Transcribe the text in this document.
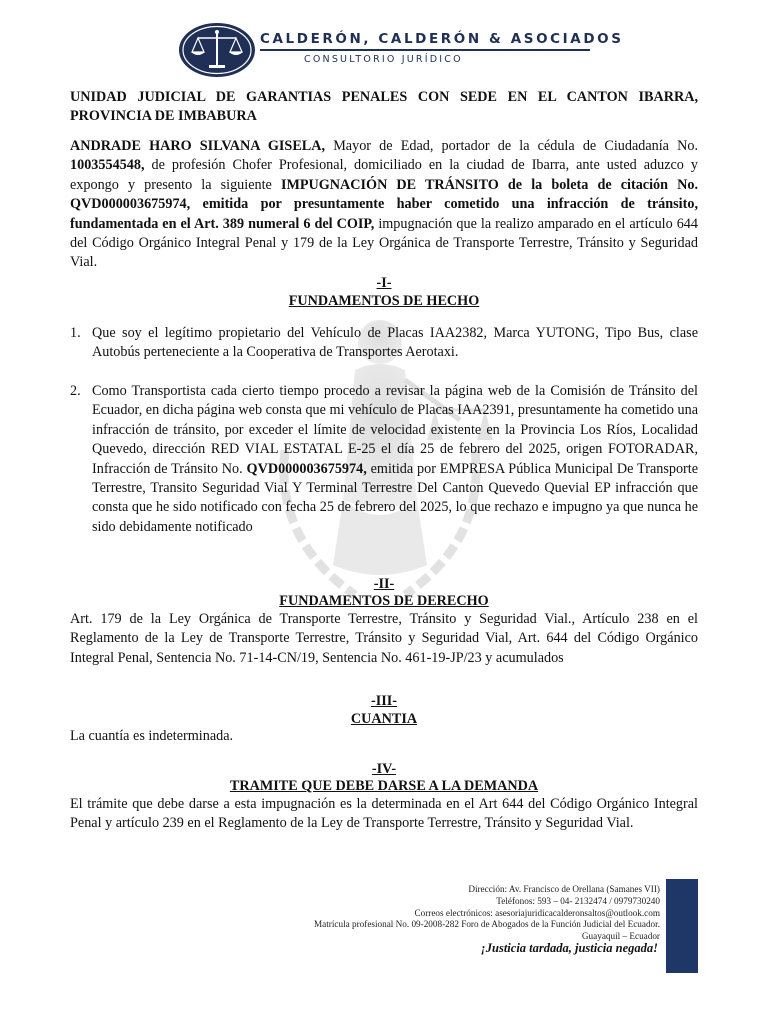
CALDERÓN, CALDERÓN & ASOCIADOS
CONSULTORIO JURÍDICO
UNIDAD JUDICIAL DE GARANTIAS PENALES CON SEDE EN EL CANTON IBARRA, PROVINCIA DE IMBABURA
ANDRADE HARO SILVANA GISELA, Mayor de Edad, portador de la cédula de Ciudadanía No. 1003554548, de profesión Chofer Profesional, domiciliado en la ciudad de Ibarra, ante usted aduzco y expongo y presento la siguiente IMPUGNACIÓN DE TRÁNSITO de la boleta de citación No. QVD000003675974, emitida por presuntamente haber cometido una infracción de tránsito, fundamentada en el Art. 389 numeral 6 del COIP, impugnación que la realizo amparado en el artículo 644 del Código Orgánico Integral Penal y 179 de la Ley Orgánica de Transporte Terrestre, Tránsito y Seguridad Vial.
-I-
FUNDAMENTOS DE HECHO
1. Que soy el legítimo propietario del Vehículo de Placas IAA2382, Marca YUTONG, Tipo Bus, clase Autobús perteneciente a la Cooperativa de Transportes Aerotaxi.
2. Como Transportista cada cierto tiempo procedo a revisar la página web de la Comisión de Tránsito del Ecuador, en dicha página web consta que mi vehículo de Placas IAA2391, presuntamente ha cometido una infracción de tránsito, por exceder el límite de velocidad existente en la Provincia Los Ríos, Localidad Quevedo, dirección RED VIAL ESTATAL E-25 el día 25 de febrero del 2025, origen FOTORADAR, Infracción de Tránsito No. QVD000003675974, emitida por EMPRESA Pública Municipal De Transporte Terrestre, Transito Seguridad Vial Y Terminal Terrestre Del Canton Quevedo Quevial EP infracción que consta que he sido notificado con fecha 25 de febrero del 2025, lo que rechazo e impugno ya que nunca he sido debidamente notificado
-II-
FUNDAMENTOS DE DERECHO
Art. 179 de la Ley Orgánica de Transporte Terrestre, Tránsito y Seguridad Vial., Artículo 238 en el Reglamento de la Ley de Transporte Terrestre, Tránsito y Seguridad Vial, Art. 644 del Código Orgánico Integral Penal, Sentencia No. 71-14-CN/19, Sentencia No. 461-19-JP/23 y acumulados
-III-
CUANTIA
La cuantía es indeterminada.
-IV-
TRAMITE QUE DEBE DARSE A LA DEMANDA
El trámite que debe darse a esta impugnación es la determinada en el Art 644 del Código Orgánico Integral Penal y artículo 239 en el Reglamento de la Ley de Transporte Terrestre, Tránsito y Seguridad Vial.
Dirección: Av. Francisco de Orellana (Samanes VII)
Teléfonos: 593 – 04- 2132474 / 0979730240
Correos electrónicos: asesoriajuridicacalderonsaltos@outlook.com
Matrícula profesional No. 09-2008-282 Foro de Abogados de la Función Judicial del Ecuador.
Guayaquil – Ecuador
¡Justicia tardada, justicia negada!
